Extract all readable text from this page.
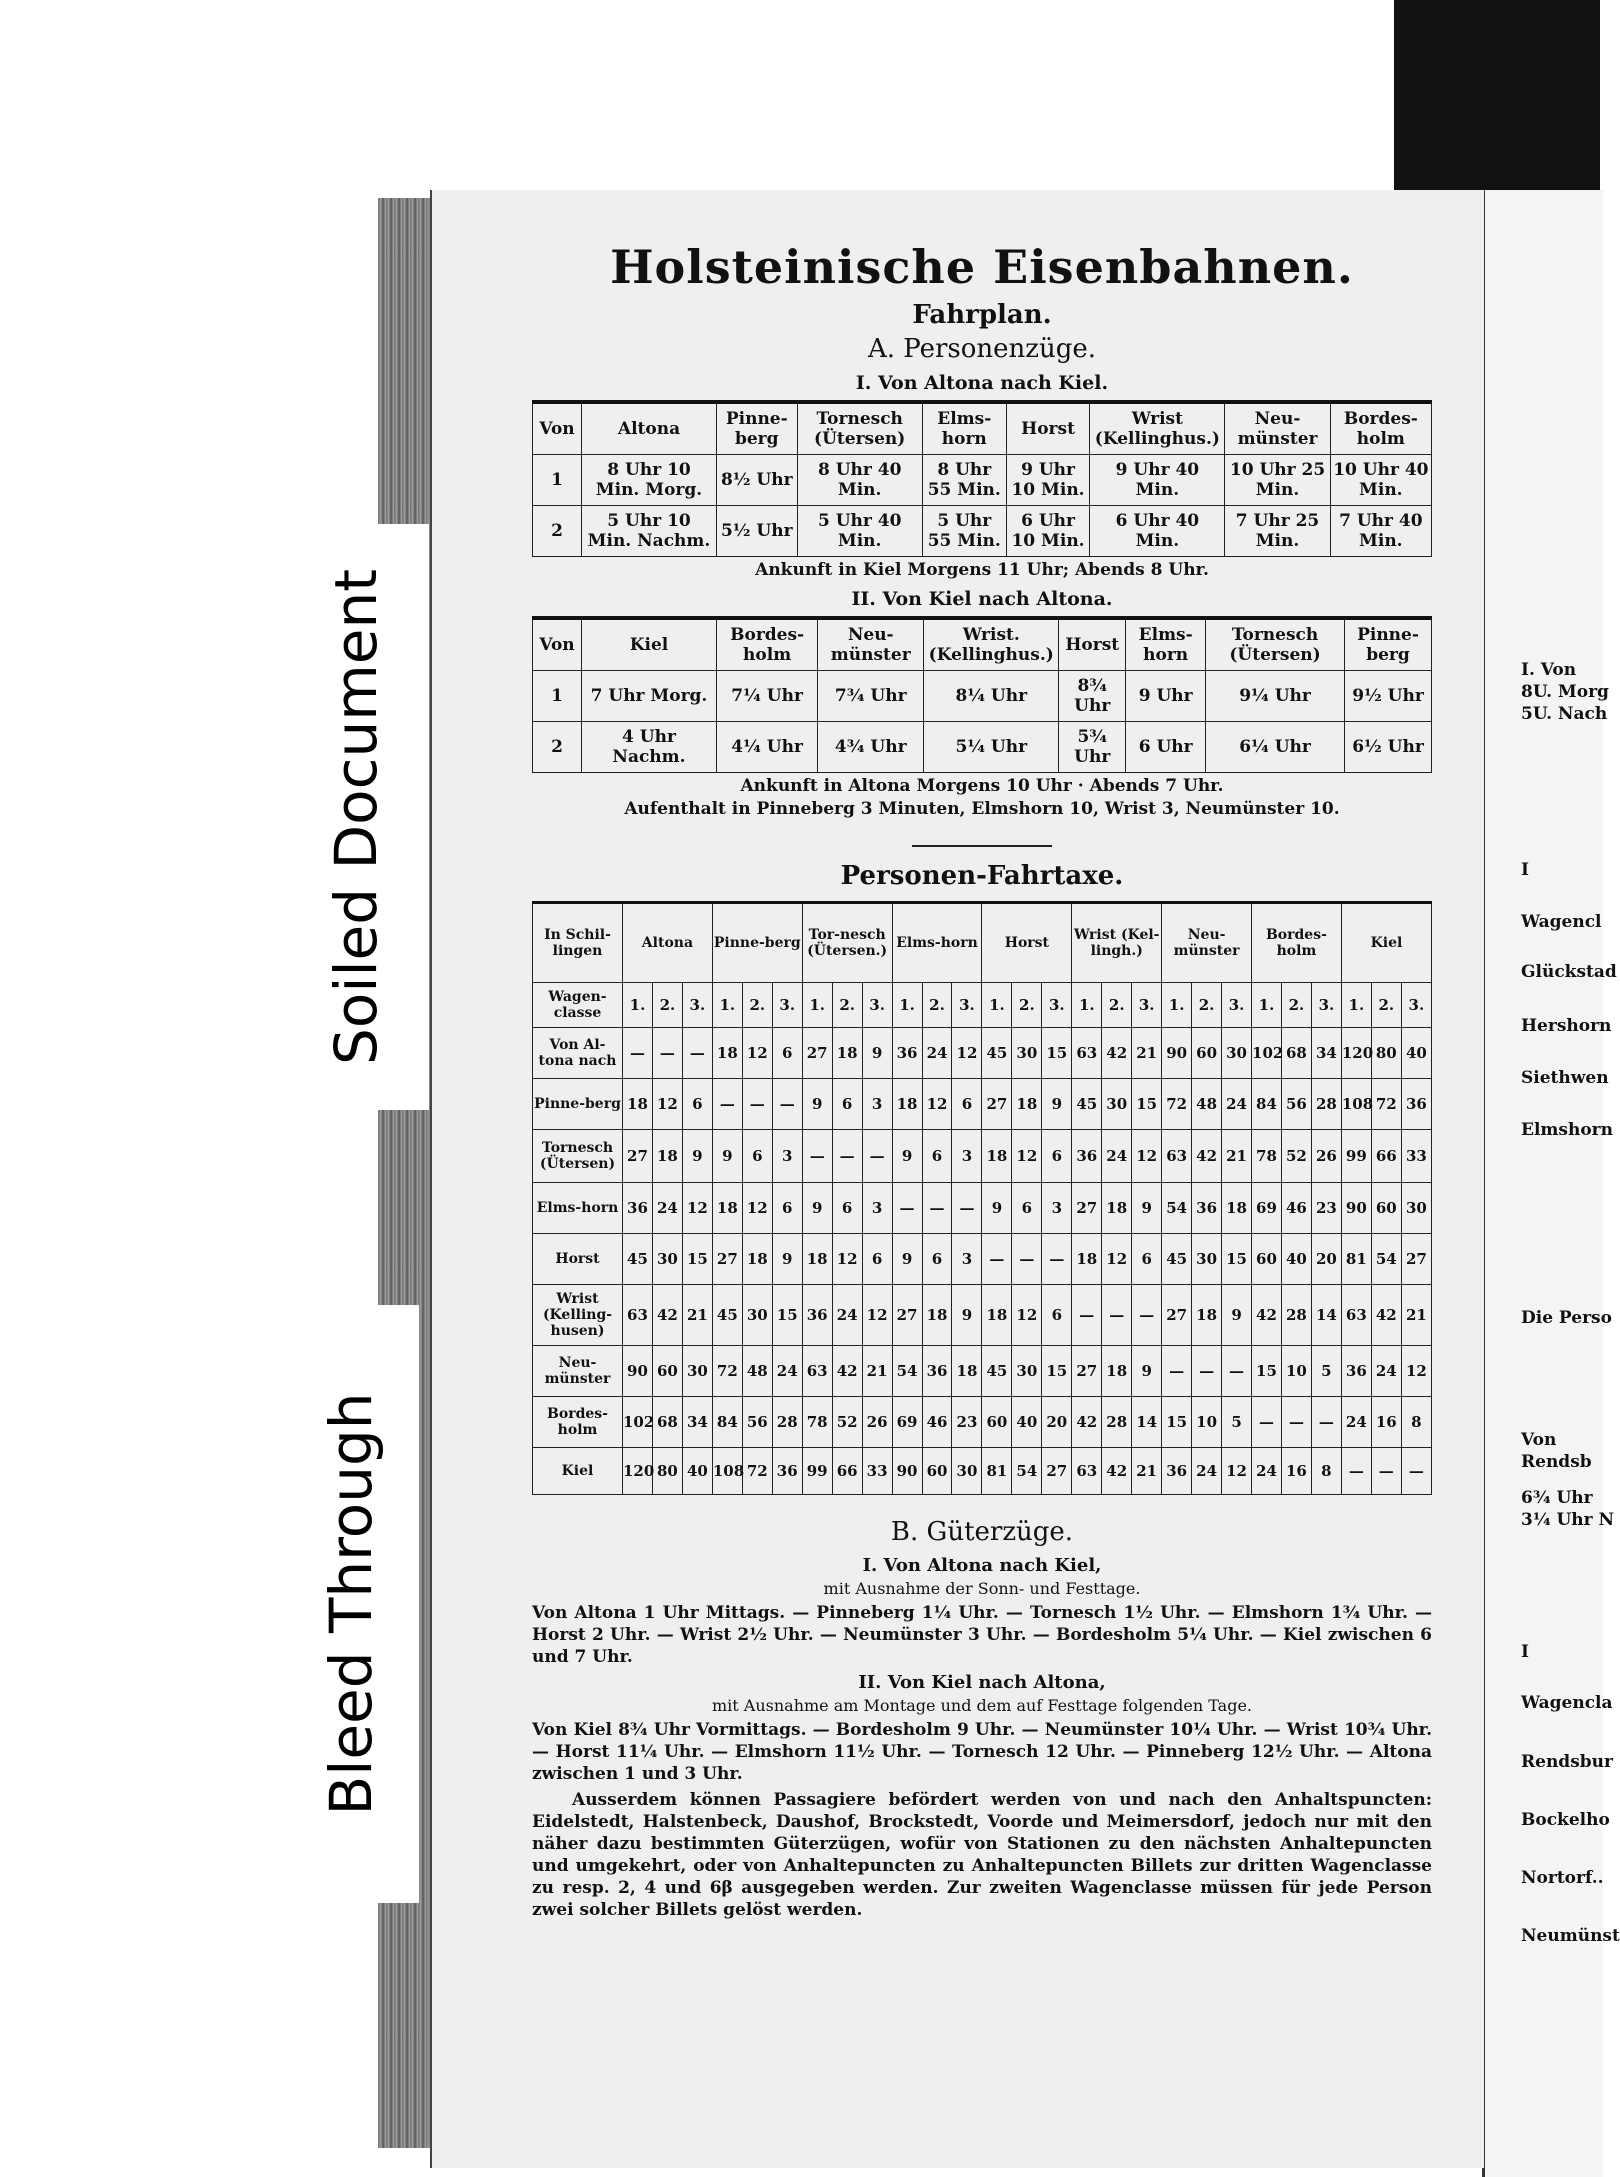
I. Von
8U. Morg
5U. Nach
I
Wagencl
Glückstad
Hershorn
Siethwen
Elmshorn
Die Perso
Von
Rendsb
6¾ Uhr
3¼ Uhr N
I
Wagencla
Rendsbur
Bockelho
Nortorf..
Neumünst
Holsteinische Eisenbahnen.
Fahrplan.
A. Personenzüge.
I. Von Altona nach Kiel.
Von	Altona	Pinne-berg	Tornesch (Ütersen)	Elms-horn	Horst	Wrist (Kellinghus.)	Neu-münster	Bordes-holm
1	8 Uhr 10 Min. Morg.	8½ Uhr	8 Uhr 40 Min.	8 Uhr 55 Min.	9 Uhr 10 Min.	9 Uhr 40 Min.	10 Uhr 25 Min.	10 Uhr 40 Min.
2	5 Uhr 10 Min. Nachm.	5½ Uhr	5 Uhr 40 Min.	5 Uhr 55 Min.	6 Uhr 10 Min.	6 Uhr 40 Min.	7 Uhr 25 Min.	7 Uhr 40 Min.
Ankunft in Kiel Morgens 11 Uhr; Abends 8 Uhr.
II. Von Kiel nach Altona.
Von	Kiel	Bordes-holm	Neu-münster	Wrist. (Kellinghus.)	Horst	Elms-horn	Tornesch (Ütersen)	Pinne-berg
1	7 Uhr Morg.	7¼ Uhr	7¾ Uhr	8¼ Uhr	8¾ Uhr	9 Uhr	9¼ Uhr	9½ Uhr
2	4 Uhr Nachm.	4¼ Uhr	4¾ Uhr	5¼ Uhr	5¾ Uhr	6 Uhr	6¼ Uhr	6½ Uhr
Ankunft in Altona Morgens 10 Uhr · Abends 7 Uhr.
Aufenthalt in Pinneberg 3 Minuten, Elmshorn 10, Wrist 3, Neumünster 10.
Personen-Fahrtaxe.
In Schil-lingen	Altona			Pinne-berg			Tor-nesch (Ütersen.)			Elms-horn			Horst			Wrist (Kel-lingh.)			Neu-münster			Bordes-holm			Kiel		
Wagen-classe	1.	2.	3.	1.	2.	3.	1.	2.	3.	1.	2.	3.	1.	2.	3.	1.	2.	3.	1.	2.	3.	1.	2.	3.	1.	2.	3.
Von Al-tona nach	—	—	—	18	12	6	27	18	9	36	24	12	45	30	15	63	42	21	90	60	30	102	68	34	120	80	40
Pinne-berg	18	12	6	—	—	—	9	6	3	18	12	6	27	18	9	45	30	15	72	48	24	84	56	28	108	72	36
Tornesch (Ütersen)	27	18	9	9	6	3	—	—	—	9	6	3	18	12	6	36	24	12	63	42	21	78	52	26	99	66	33
Elms-horn	36	24	12	18	12	6	9	6	3	—	—	—	9	6	3	27	18	9	54	36	18	69	46	23	90	60	30
Horst	45	30	15	27	18	9	18	12	6	9	6	3	—	—	—	18	12	6	45	30	15	60	40	20	81	54	27
Wrist (Kelling-husen)	63	42	21	45	30	15	36	24	12	27	18	9	18	12	6	—	—	—	27	18	9	42	28	14	63	42	21
Neu-münster	90	60	30	72	48	24	63	42	21	54	36	18	45	30	15	27	18	9	—	—	—	15	10	5	36	24	12
Bordes-holm	102	68	34	84	56	28	78	52	26	69	46	23	60	40	20	42	28	14	15	10	5	—	—	—	24	16	8
Kiel	120	80	40	108	72	36	99	66	33	90	60	30	81	54	27	63	42	21	36	24	12	24	16	8	—	—	—
B. Güterzüge.
I. Von Altona nach Kiel,
mit Ausnahme der Sonn- und Festtage.
Von Altona 1 Uhr Mittags. — Pinneberg 1¼ Uhr. — Tornesch 1½ Uhr. — Elmshorn 1¾ Uhr. — Horst 2 Uhr. — Wrist 2½ Uhr. — Neumünster 3 Uhr. — Bordesholm 5¼ Uhr. — Kiel zwischen 6 und 7 Uhr.
II. Von Kiel nach Altona,
mit Ausnahme am Montage und dem auf Festtage folgenden Tage.
Von Kiel 8¾ Uhr Vormittags. — Bordesholm 9 Uhr. — Neumünster 10¼ Uhr. — Wrist 10¾ Uhr. — Horst 11¼ Uhr. — Elmshorn 11½ Uhr. — Tornesch 12 Uhr. — Pinneberg 12½ Uhr. — Altona zwischen 1 und 3 Uhr.
Ausserdem können Passagiere befördert werden von und nach den Anhaltspuncten: Eidelstedt, Halstenbeck, Daushof, Brockstedt, Voorde und Meimersdorf, jedoch nur mit den näher dazu bestimmten Güterzügen, wofür von Stationen zu den nächsten Anhaltepuncten und umgekehrt, oder von Anhaltepuncten zu Anhaltepuncten Billets zur dritten Wagenclasse zu resp. 2, 4 und 6β ausgegeben werden. Zur zweiten Wagenclasse müssen für jede Person zwei solcher Billets gelöst werden.
Soiled Document
Bleed Through
